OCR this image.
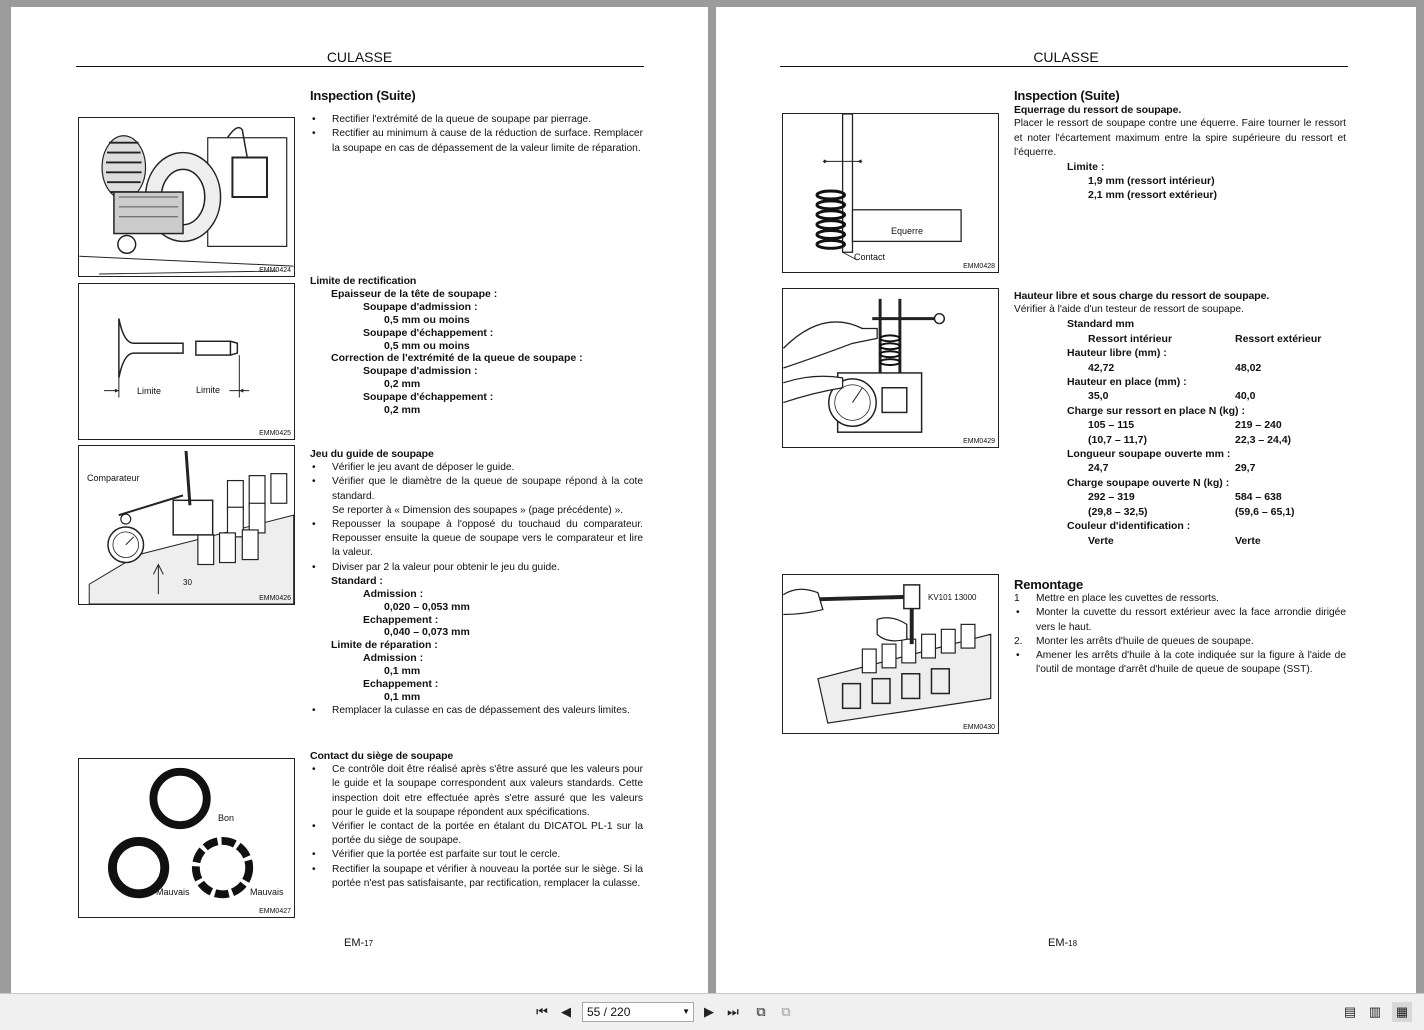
CULASSE
EMM0424
Limite	Limite
EMM0425
Comparateur
30
EMM0426
Bon
Mauvais	Mauvais
EMM0427
Inspection (Suite)
• Rectifier l'extrémité de la queue de soupape par pierrage.
• Rectifier au minimum à cause de la réduction de surface. Remplacer la soupape en cas de dépassement de la valeur limite de réparation.
Limite de rectification
Epaisseur de la tête de soupape :
Soupape d'admission :
0,5 mm ou moins
Soupape d'échappement :
0,5 mm ou moins
Correction de l'extrémité de la queue de soupape :
Soupape d'admission :
0,2 mm
Soupape d'échappement :
0,2 mm
Jeu du guide de soupape
• Vérifier le jeu avant de déposer le guide.
• Vérifier que le diamètre de la queue de soupape répond à la cote standard.
Se reporter à « Dimension des soupapes » (page précédente) ».
• Repousser la soupape à l'opposé du touchaud du comparateur. Repousser ensuite la queue de soupape vers le comparateur et lire la valeur.
• Diviser par 2 la valeur pour obtenir le jeu du guide.
Standard :
Admission :
0,020 – 0,053 mm
Echappement :
0,040 – 0,073 mm
Limite de réparation :
Admission :
0,1 mm
Echappement :
0,1 mm
• Remplacer la culasse en cas de dépassement des valeurs limites.
Contact du siège de soupape
• Ce contrôle doit être réalisé après s'être assuré que les valeurs pour le guide et la soupape correspondent aux valeurs standards. Cette inspection doit etre effectuée après s'etre assuré que les valeurs pour le guide et la soupape répondent aux spécifications.
• Vérifier le contact de la portée en étalant du DICATOL PL-1 sur la portée du siège de soupape.
• Vérifier que la portée est parfaite sur tout le cercle.
• Rectifier la soupape et vérifier à nouveau la portée sur le siège. Si la portée n'est pas satisfaisante, par rectification, remplacer la culasse.
EM-17
CULASSE
Equerre
Contact
EMM0428
EMM0429
KV101 13000
EMM0430
Inspection (Suite)
Equerrage du ressort de soupape.
Placer le ressort de soupape contre une équerre. Faire tourner le ressort et noter l'écartement maximum entre la spire supérieure du ressort et l'équerre.
Limite :
1,9 mm (ressort intérieur)
2,1 mm (ressort extérieur)
Hauteur libre et sous charge du ressort de soupape.
Vérifier à l'aide d'un testeur de ressort de soupape.
Standard mm
Ressort intérieur	Ressort extérieur
Hauteur libre (mm) :
42,72	48,02
Hauteur en place (mm) :
35,0	40,0
Charge sur ressort en place N (kg) :
105 – 115	219 – 240
(10,7 – 11,7)	22,3 – 24,4)
Longueur soupape ouverte mm :
24,7	29,7
Charge soupape ouverte N (kg) :
292 – 319	584 – 638
(29,8 – 32,5)	(59,6 – 65,1)
Couleur d'identification :
Verte	Verte
Remontage
1 Mettre en place les cuvettes de ressorts.
• Monter la cuvette du ressort extérieur avec la face arrondie dirigée vers le haut.
2. Monter les arrêts d'huile de queues de soupape.
• Amener les arrêts d'huile à la cote indiquée sur la figure à l'aide de l'outil de montage d'arrêt d'huile de queue de soupape (SST).
EM-18
⏮	◀	55 / 220	▼	▶	⏭	⧉	⧉	▤ ▥ ▦
